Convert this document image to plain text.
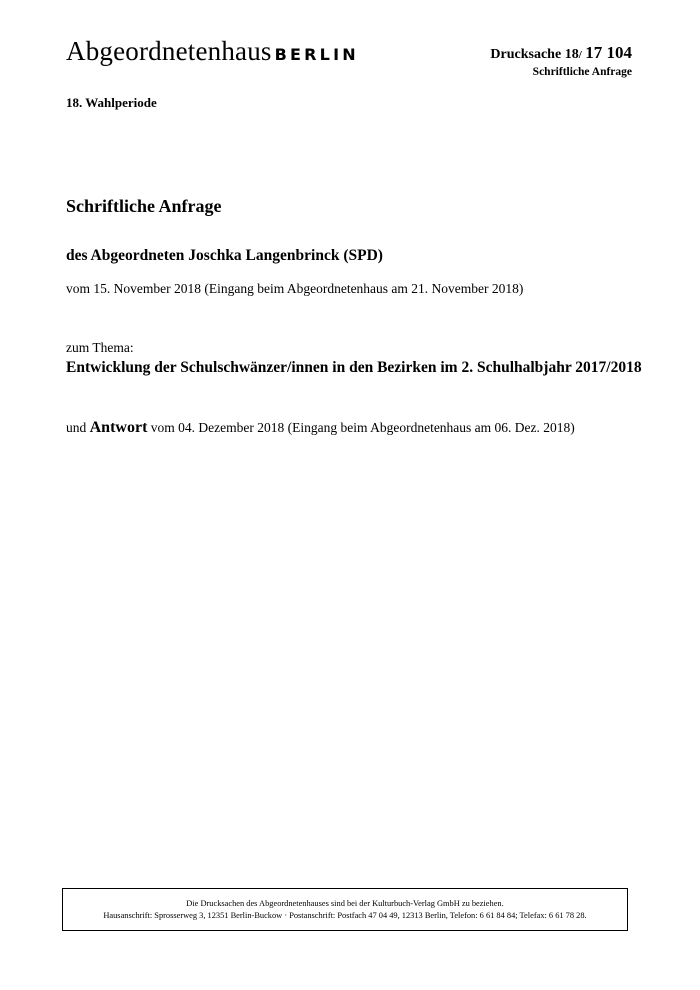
Abgeordnetenhaus BERLIN	Drucksache 18/ 17 104
Schriftliche Anfrage
18. Wahlperiode
Schriftliche Anfrage
des Abgeordneten Joschka Langenbrinck (SPD)
vom 15. November 2018 (Eingang beim Abgeordnetenhaus am 21. November 2018)
zum Thema:
Entwicklung der Schulschwänzer/innen in den Bezirken im 2. Schulhalbjahr 2017/2018
und Antwort vom 04. Dezember 2018 (Eingang beim Abgeordnetenhaus am 06. Dez. 2018)
Die Drucksachen des Abgeordnetenhauses sind bei der Kulturbuch-Verlag GmbH zu beziehen.
Hausanschrift: Sprosserweg 3, 12351 Berlin-Buckow · Postanschrift: Postfach 47 04 49, 12313 Berlin, Telefon: 6 61 84 84; Telefax: 6 61 78 28.
